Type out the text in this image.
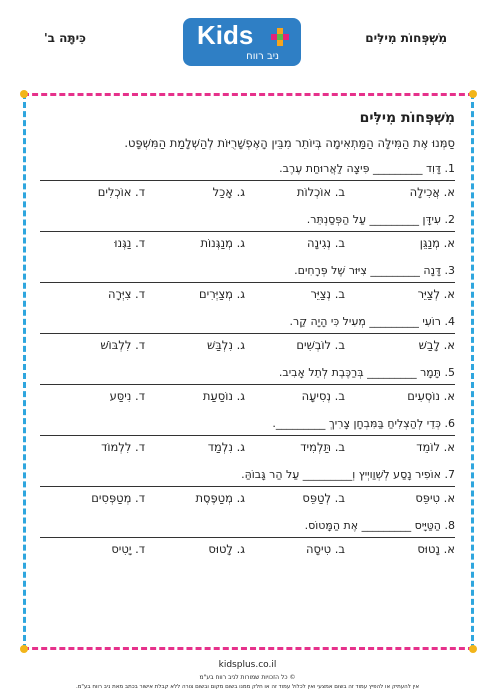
מִשְׁפְּחוֹת מִילִּים
Kids
ניב רווח
כִּיתָּה ב'
מִשְׁפְּחוֹת מִילִּים
סַמְּנוּ אֶת הַמִּילָּה הַמַּתְאִימָה בְּיוֹתֵר מִבֵּין הָאֶפְשָׁרֻיּוֹת לְהַשְׁלָמַת הַמִּשְׁפָּט.
1. דָּוִד _________ פִּיצָה לַאֲרוּחַת עֶרֶב.
א. אֲכִילָה
ב. אוֹכְלוֹת
ג. אָכַל
ד. אוֹכְלִים
2. עִידָּן _________ עַל הַפְּסַנְתֵּר.
א. מְנַגֵּן
ב. נְגִינָה
ג. מְנַגְּנוֹת
ד. נַגְּנוּ
3. דָּנָה _________ צִיּוּר שֶׁל פְּרָחִים.
א. לְצַיֵּר
ב. נְצַיֵּר
ג. מְצַיְּרִים
ד. צִיְּרָה
4. רוֹעִי _________ מְעִיל כִּי הָיָה קַר.
א. לָבַשׁ
ב. לוֹבְשִׁים
ג. נִלְבַּשׁ
ד. לִלְבּוֹשׁ
5. תָּמָר _________ בְּרַכֶּבֶת לְתֵל אָבִיב.
א. נוֹסְעִים
ב. נְסִיעָה
ג. נוֹסַעַת
ד. נִיסַּע
6. כְּדֵי לְהַצְלִיחַ בַּמִּבְחָן צָרִיךְ _________.
א. לוֹמֵד
ב. תַּלְמִיד
ג. נִלְמַד
ד. לִלְמוֹד
7. אוֹפִיר נָסַע לְשְׁוַויְיץ וְ_________ עַל הַר גָּבוֹהַּ.
א. טִיפֵּס
ב. לְטַפֵּס
ג. מְטַפֶּסֶת
ד. מְטַפְּסִים
8. הַטַּיָּיס _________ אֶת הַמָּטוֹס.
א. נָטוּס
ב. טִיסָה
ג. לָטוּס
ד. יָטִיס
kidsplus.co.il
© כל הזכויות שמורות לניב רווח בע"מ
אין להעתיק או להפיץ עמוד זה בשום אמצעי ואין לכלול עמוד זה או חלק ממנו בשום מקום ובשום צורה ללא קבלת אישור בכתב מאת ניב רווח בע"מ.
